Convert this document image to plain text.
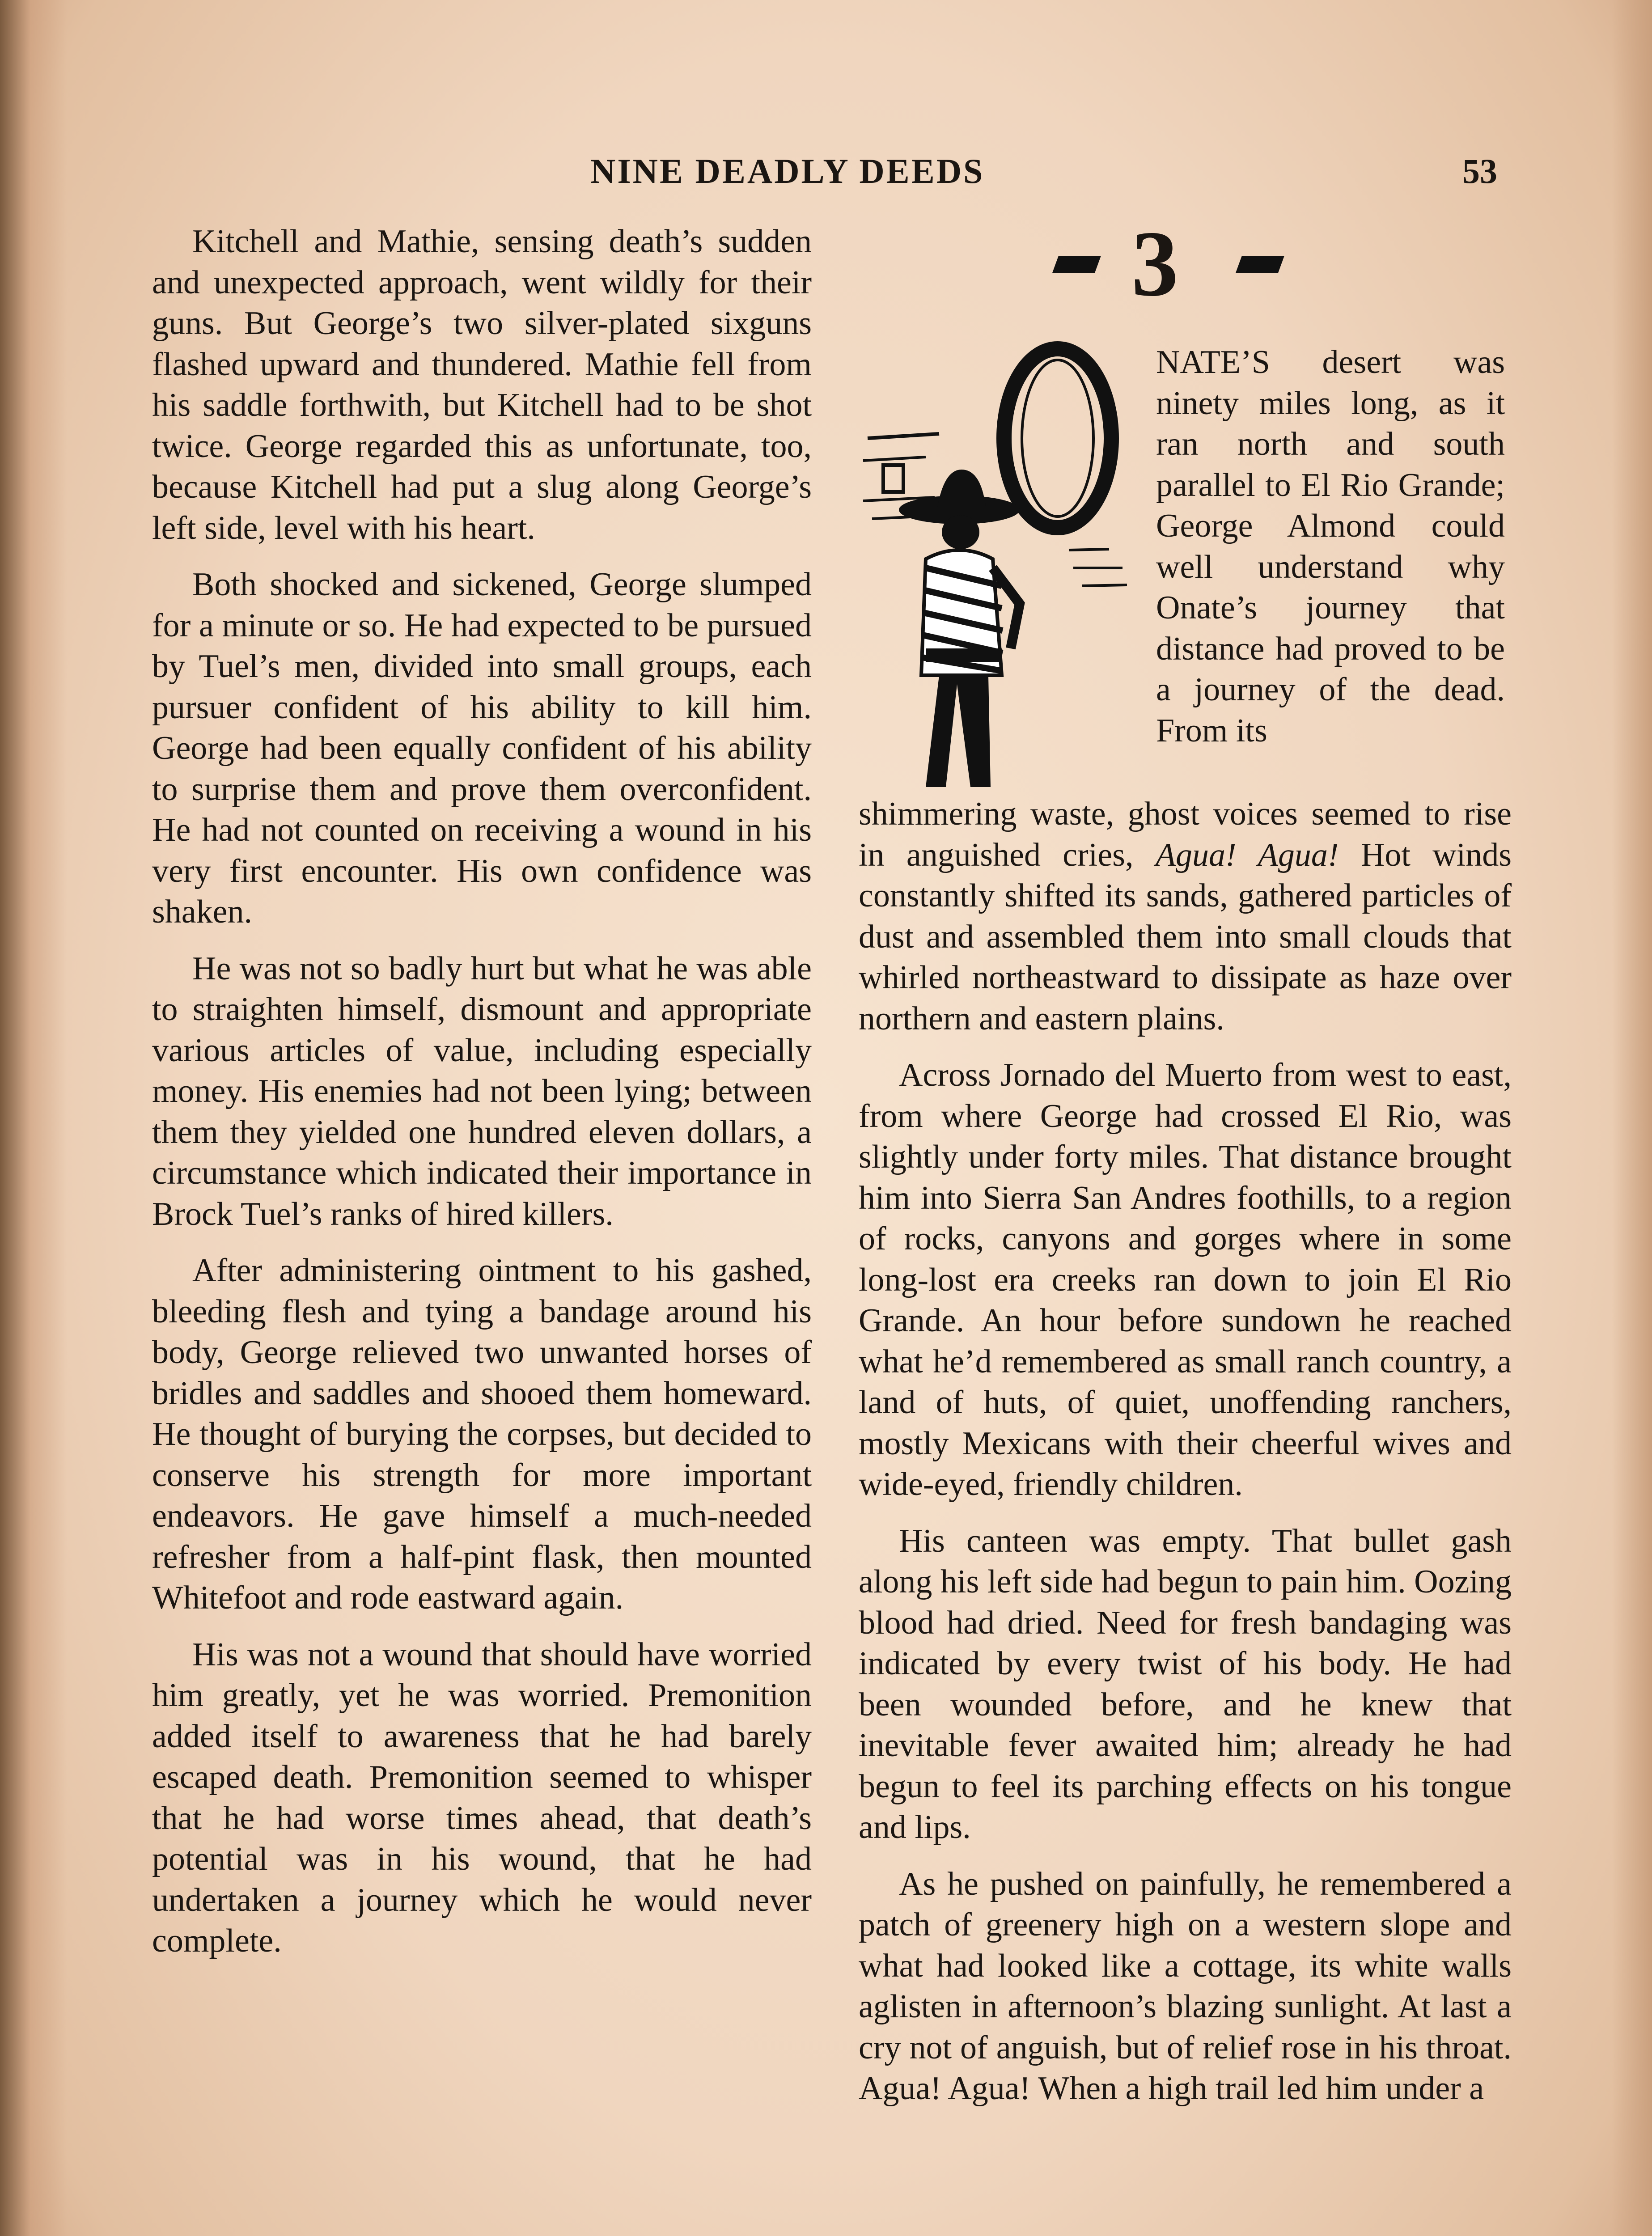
NINE DEADLY DEEDS	53

Kitchell and Mathie, sensing death’s sudden and unexpected approach, went wildly for their guns. But George’s two silver-plated sixguns flashed upward and thundered. Mathie fell from his saddle forthwith, but Kitchell had to be shot twice. George regarded this as unfortunate, too, because Kitchell had put a slug along George’s left side, level with his heart.

Both shocked and sickened, George slumped for a minute or so. He had expected to be pursued by Tuel’s men, divided into small groups, each pursuer confident of his ability to kill him. George had been equally confident of his ability to surprise them and prove them overconfident. He had not counted on receiving a wound in his very first encounter. His own confidence was shaken.

He was not so badly hurt but what he was able to straighten himself, dismount and appropriate various articles of value, including especially money. His enemies had not been lying; between them they yielded one hundred eleven dollars, a circumstance which indicated their importance in Brock Tuel’s ranks of hired killers.

After administering ointment to his gashed, bleeding flesh and tying a bandage around his body, George relieved two unwanted horses of bridles and saddles and shooed them homeward. He thought of burying the corpses, but decided to conserve his strength for more important endeavors. He gave himself a much-needed refresher from a half-pint flask, then mounted Whitefoot and rode eastward again.

His was not a wound that should have worried him greatly, yet he was worried. Premonition added itself to awareness that he had barely escaped death. Premonition seemed to whisper that he had worse times ahead, that death’s potential was in his wound, that he had undertaken a journey which he would never complete.

3
O
NATE’S desert was ninety miles long, as it ran north and south parallel to El Rio Grande; George Almond could well understand why Onate’s journey that distance had proved to be a journey of the dead. From its

shimmering waste, ghost voices seemed to rise in anguished cries, Agua! Agua! Hot winds constantly shifted its sands, gathered particles of dust and assembled them into small clouds that whirled northeastward to dissipate as haze over northern and eastern plains.

Across Jornado del Muerto from west to east, from where George had crossed El Rio, was slightly under forty miles. That distance brought him into Sierra San Andres foothills, to a region of rocks, canyons and gorges where in some long-lost era creeks ran down to join El Rio Grande. An hour before sundown he reached what he’d remembered as small ranch country, a land of huts, of quiet, unoffending ranchers, mostly Mexicans with their cheerful wives and wide-eyed, friendly children.

His canteen was empty. That bullet gash along his left side had begun to pain him. Oozing blood had dried. Need for fresh bandaging was indicated by every twist of his body. He had been wounded before, and he knew that inevitable fever awaited him; already he had begun to feel its parching effects on his tongue and lips.

As he pushed on painfully, he remembered a patch of greenery high on a western slope and what had looked like a cottage, its white walls aglisten in afternoon’s blazing sunlight. At last a cry not of anguish, but of relief rose in his throat. Agua! Agua! When a high trail led him under a
